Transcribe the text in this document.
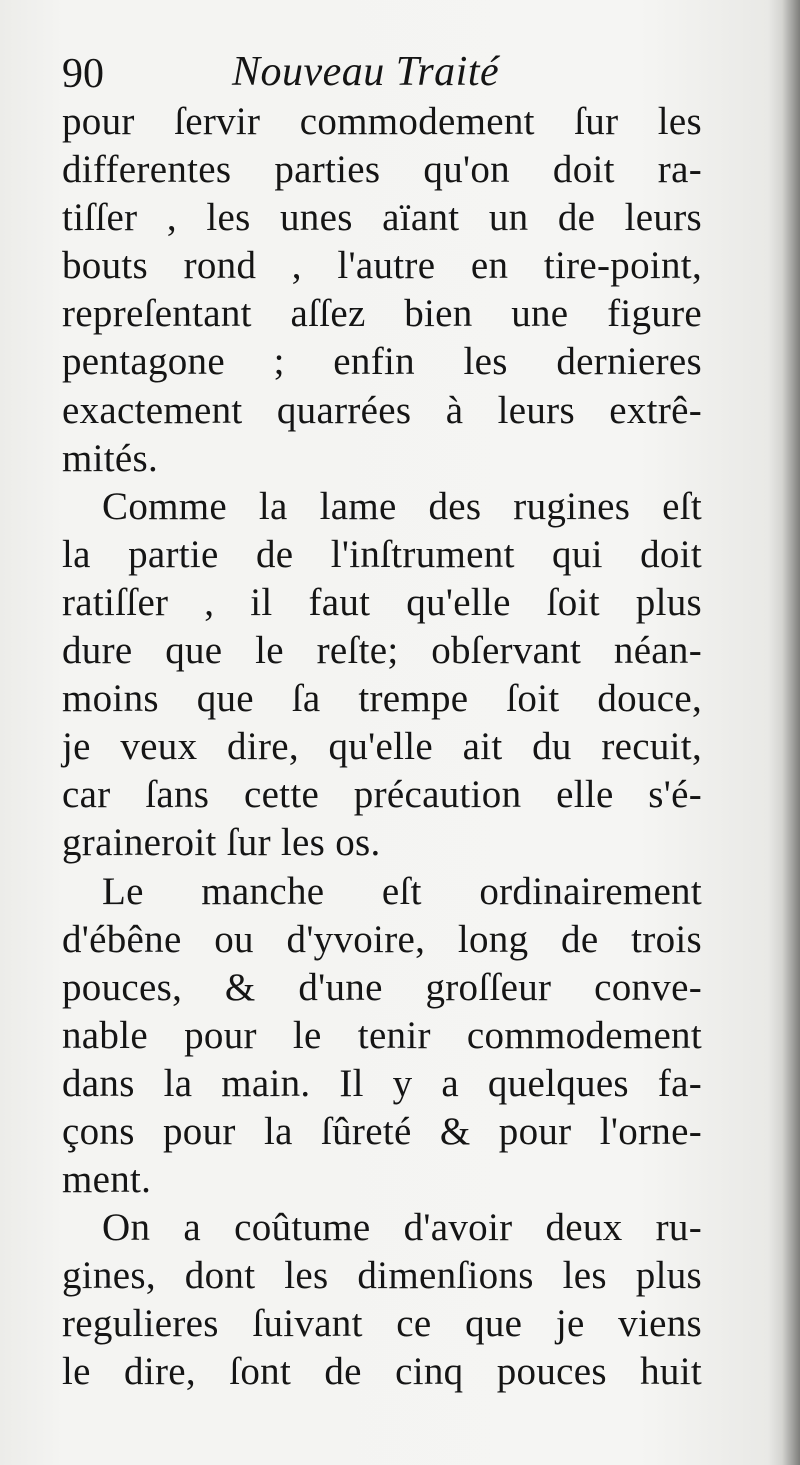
90	Nouveau Traité
pour ſervir commodement ſur les
differentes parties qu'on doit ra-
tiſſer , les unes aïant un de leurs
bouts rond , l'autre en tire-point,
repreſentant aſſez bien une figure
pentagone ; enfin les dernieres
exactement quarrées à leurs extrê-
mités.
Comme la lame des rugines eſt
la partie de l'inſtrument qui doit
ratiſſer , il faut qu'elle ſoit plus
dure que le reſte; obſervant néan-
moins que ſa trempe ſoit douce,
je veux dire, qu'elle ait du recuit,
car ſans cette précaution elle s'é-
graineroit ſur les os.
Le manche eſt ordinairement
d'ébêne ou d'yvoire, long de trois
pouces, & d'une groſſeur conve-
nable pour le tenir commodement
dans la main. Il y a quelques fa-
çons pour la ſûreté & pour l'orne-
ment.
On a coûtume d'avoir deux ru-
gines, dont les dimenſions les plus
regulieres ſuivant ce que je viens
le dire, ſont de cinq pouces huit
